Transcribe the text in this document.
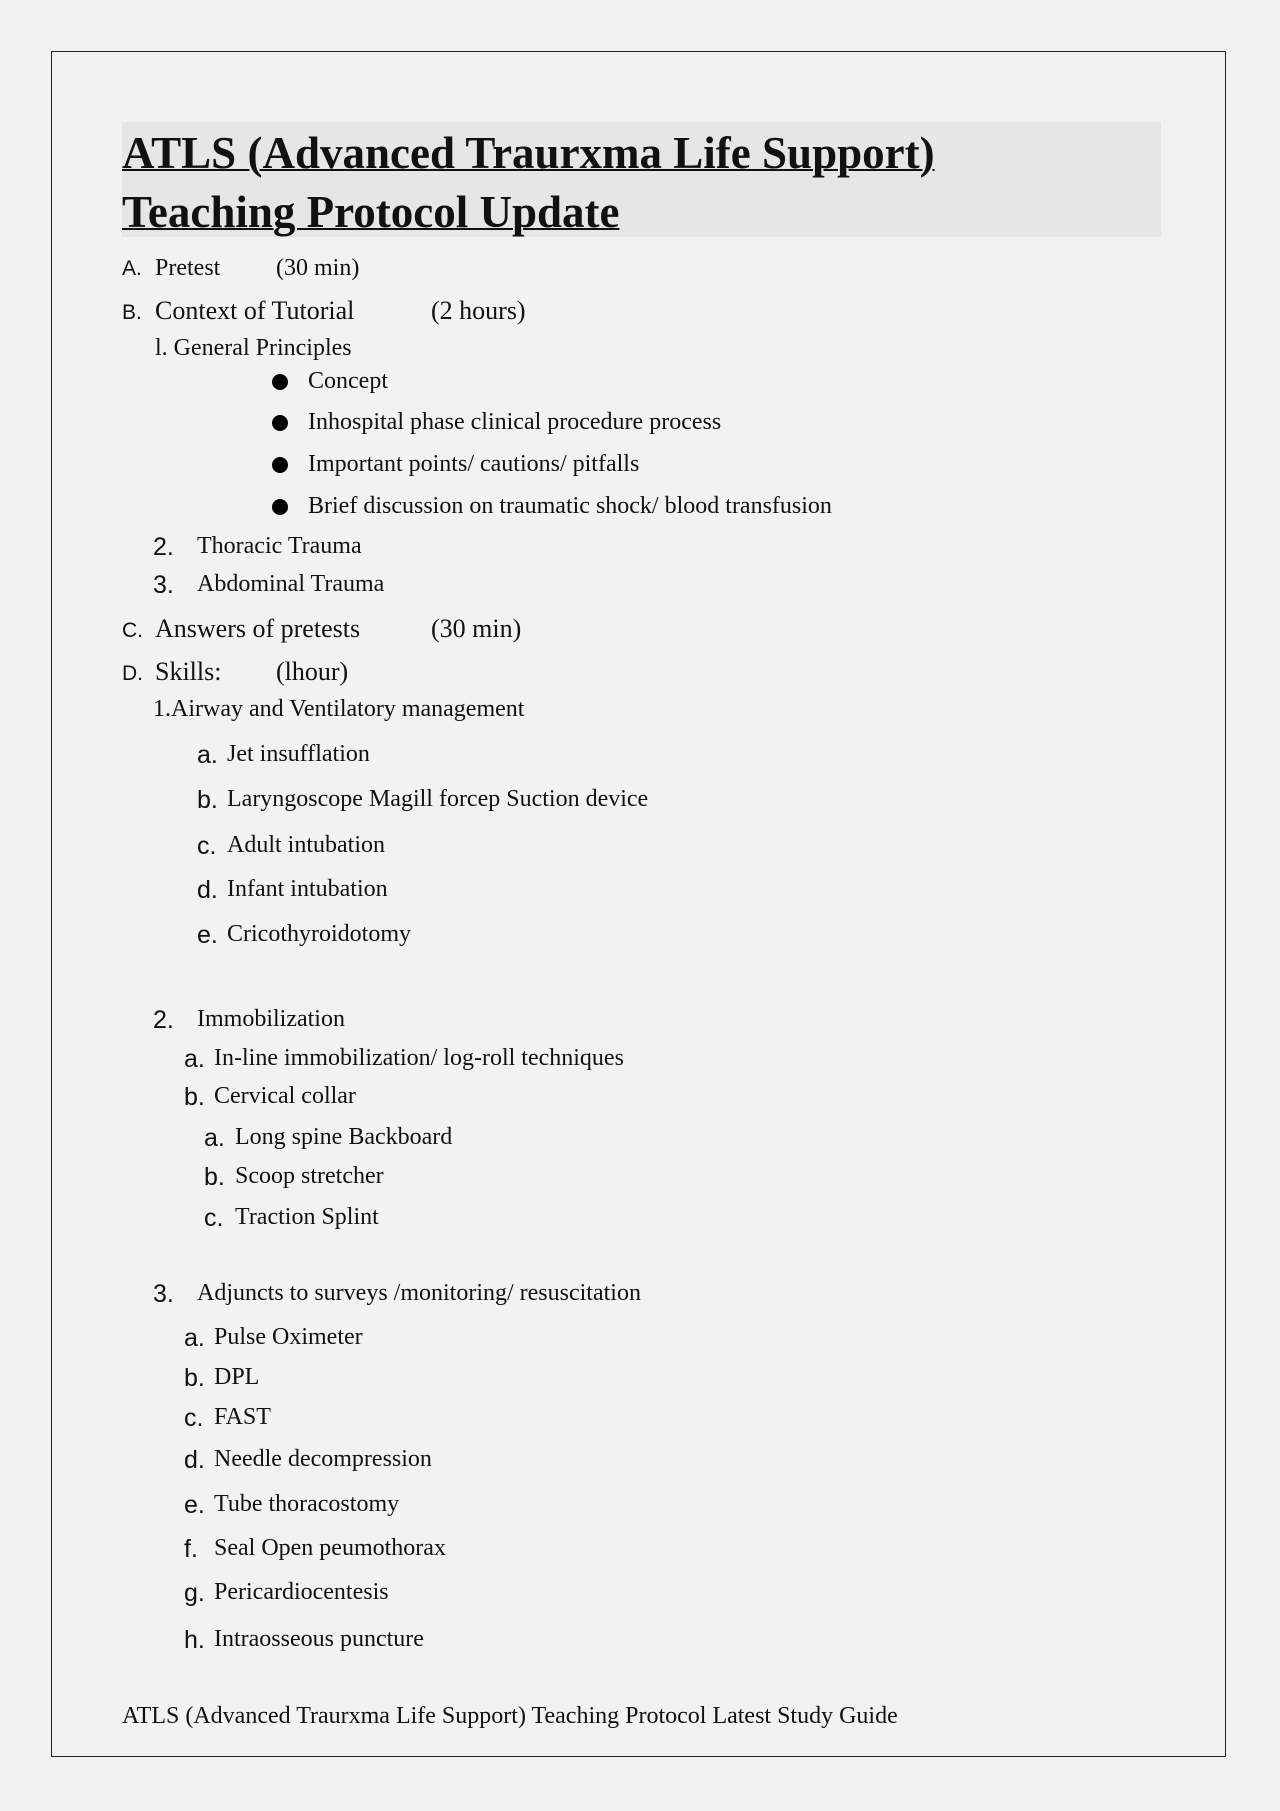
ATLS (Advanced Traurxma Life Support)
Teaching Protocol Update
A. Pretest (30 min)
B. Context of Tutorial	(2 hours)
l. General Principles
Concept
Inhospital phase clinical procedure process
Important points/ cautions/ pitfalls
Brief discussion on traumatic shock/ blood transfusion
2. Thoracic Trauma
3. Abdominal Trauma
C. Answers of pretests	(30 min)
D. Skills: (lhour)
1. Airway and Ventilatory management
a. Jet insufflation
b. Laryngoscope Magill forcep Suction device
c. Adult intubation
d. Infant intubation
e. Cricothyroidotomy
2. Immobilization
a. In-line immobilization/ log-roll techniques
b. Cervical collar
a. Long spine Backboard
b. Scoop stretcher
c. Traction Splint
3. Adjuncts to surveys /monitoring/ resuscitation
a. Pulse Oximeter
b. DPL
c. FAST
d. Needle decompression
e. Tube thoracostomy
f. Seal Open peumothorax
g. Pericardiocentesis
h. Intraosseous puncture
ATLS (Advanced Traurxma Life Support) Teaching Protocol Latest Study Guide
